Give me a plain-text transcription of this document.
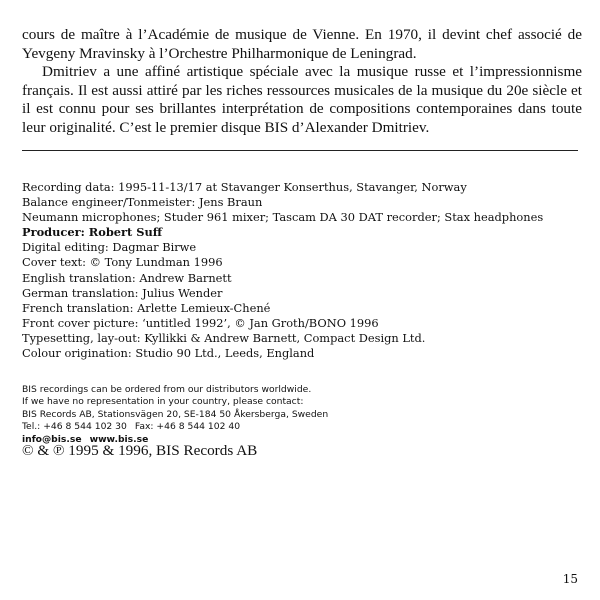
cours de maître à l’Académie de musique de Vienne. En 1970, il devint chef associé de Yevgeny Mravinsky à l’Orchestre Philharmonique de Leningrad.

Dmitriev a une affiné artistique spéciale avec la musique russe et l’impressionnisme français. Il est aussi attiré par les riches ressources musicales de la musique du 20e siècle et il est connu pour ses brillantes interprétation de compositions contemporaines dans toute leur originalité. C’est le premier disque BIS d’Alexander Dmitriev.

Recording data: 1995-11-13/17 at Stavanger Konserthus, Stavanger, Norway
Balance engineer/Tonmeister: Jens Braun
Neumann microphones; Studer 961 mixer; Tascam DA 30 DAT recorder; Stax headphones
Producer: Robert Suff
Digital editing: Dagmar Birwe
Cover text: © Tony Lundman 1996
English translation: Andrew Barnett
German translation: Julius Wender
French translation: Arlette Lemieux-Chené
Front cover picture: ‘untitled 1992’, © Jan Groth/BONO 1996
Typesetting, lay-out: Kyllikki & Andrew Barnett, Compact Design Ltd.
Colour origination: Studio 90 Ltd., Leeds, England
BIS recordings can be ordered from our distributors worldwide.
If we have no representation in your country, please contact:
BIS Records AB, Stationsvägen 20, SE-184 50 Åkersberga, Sweden
Tel.: +46 8 544 102 30 Fax: +46 8 544 102 40
info@bis.se www.bis.se
© & ℗ 1995 & 1996, BIS Records AB
15
